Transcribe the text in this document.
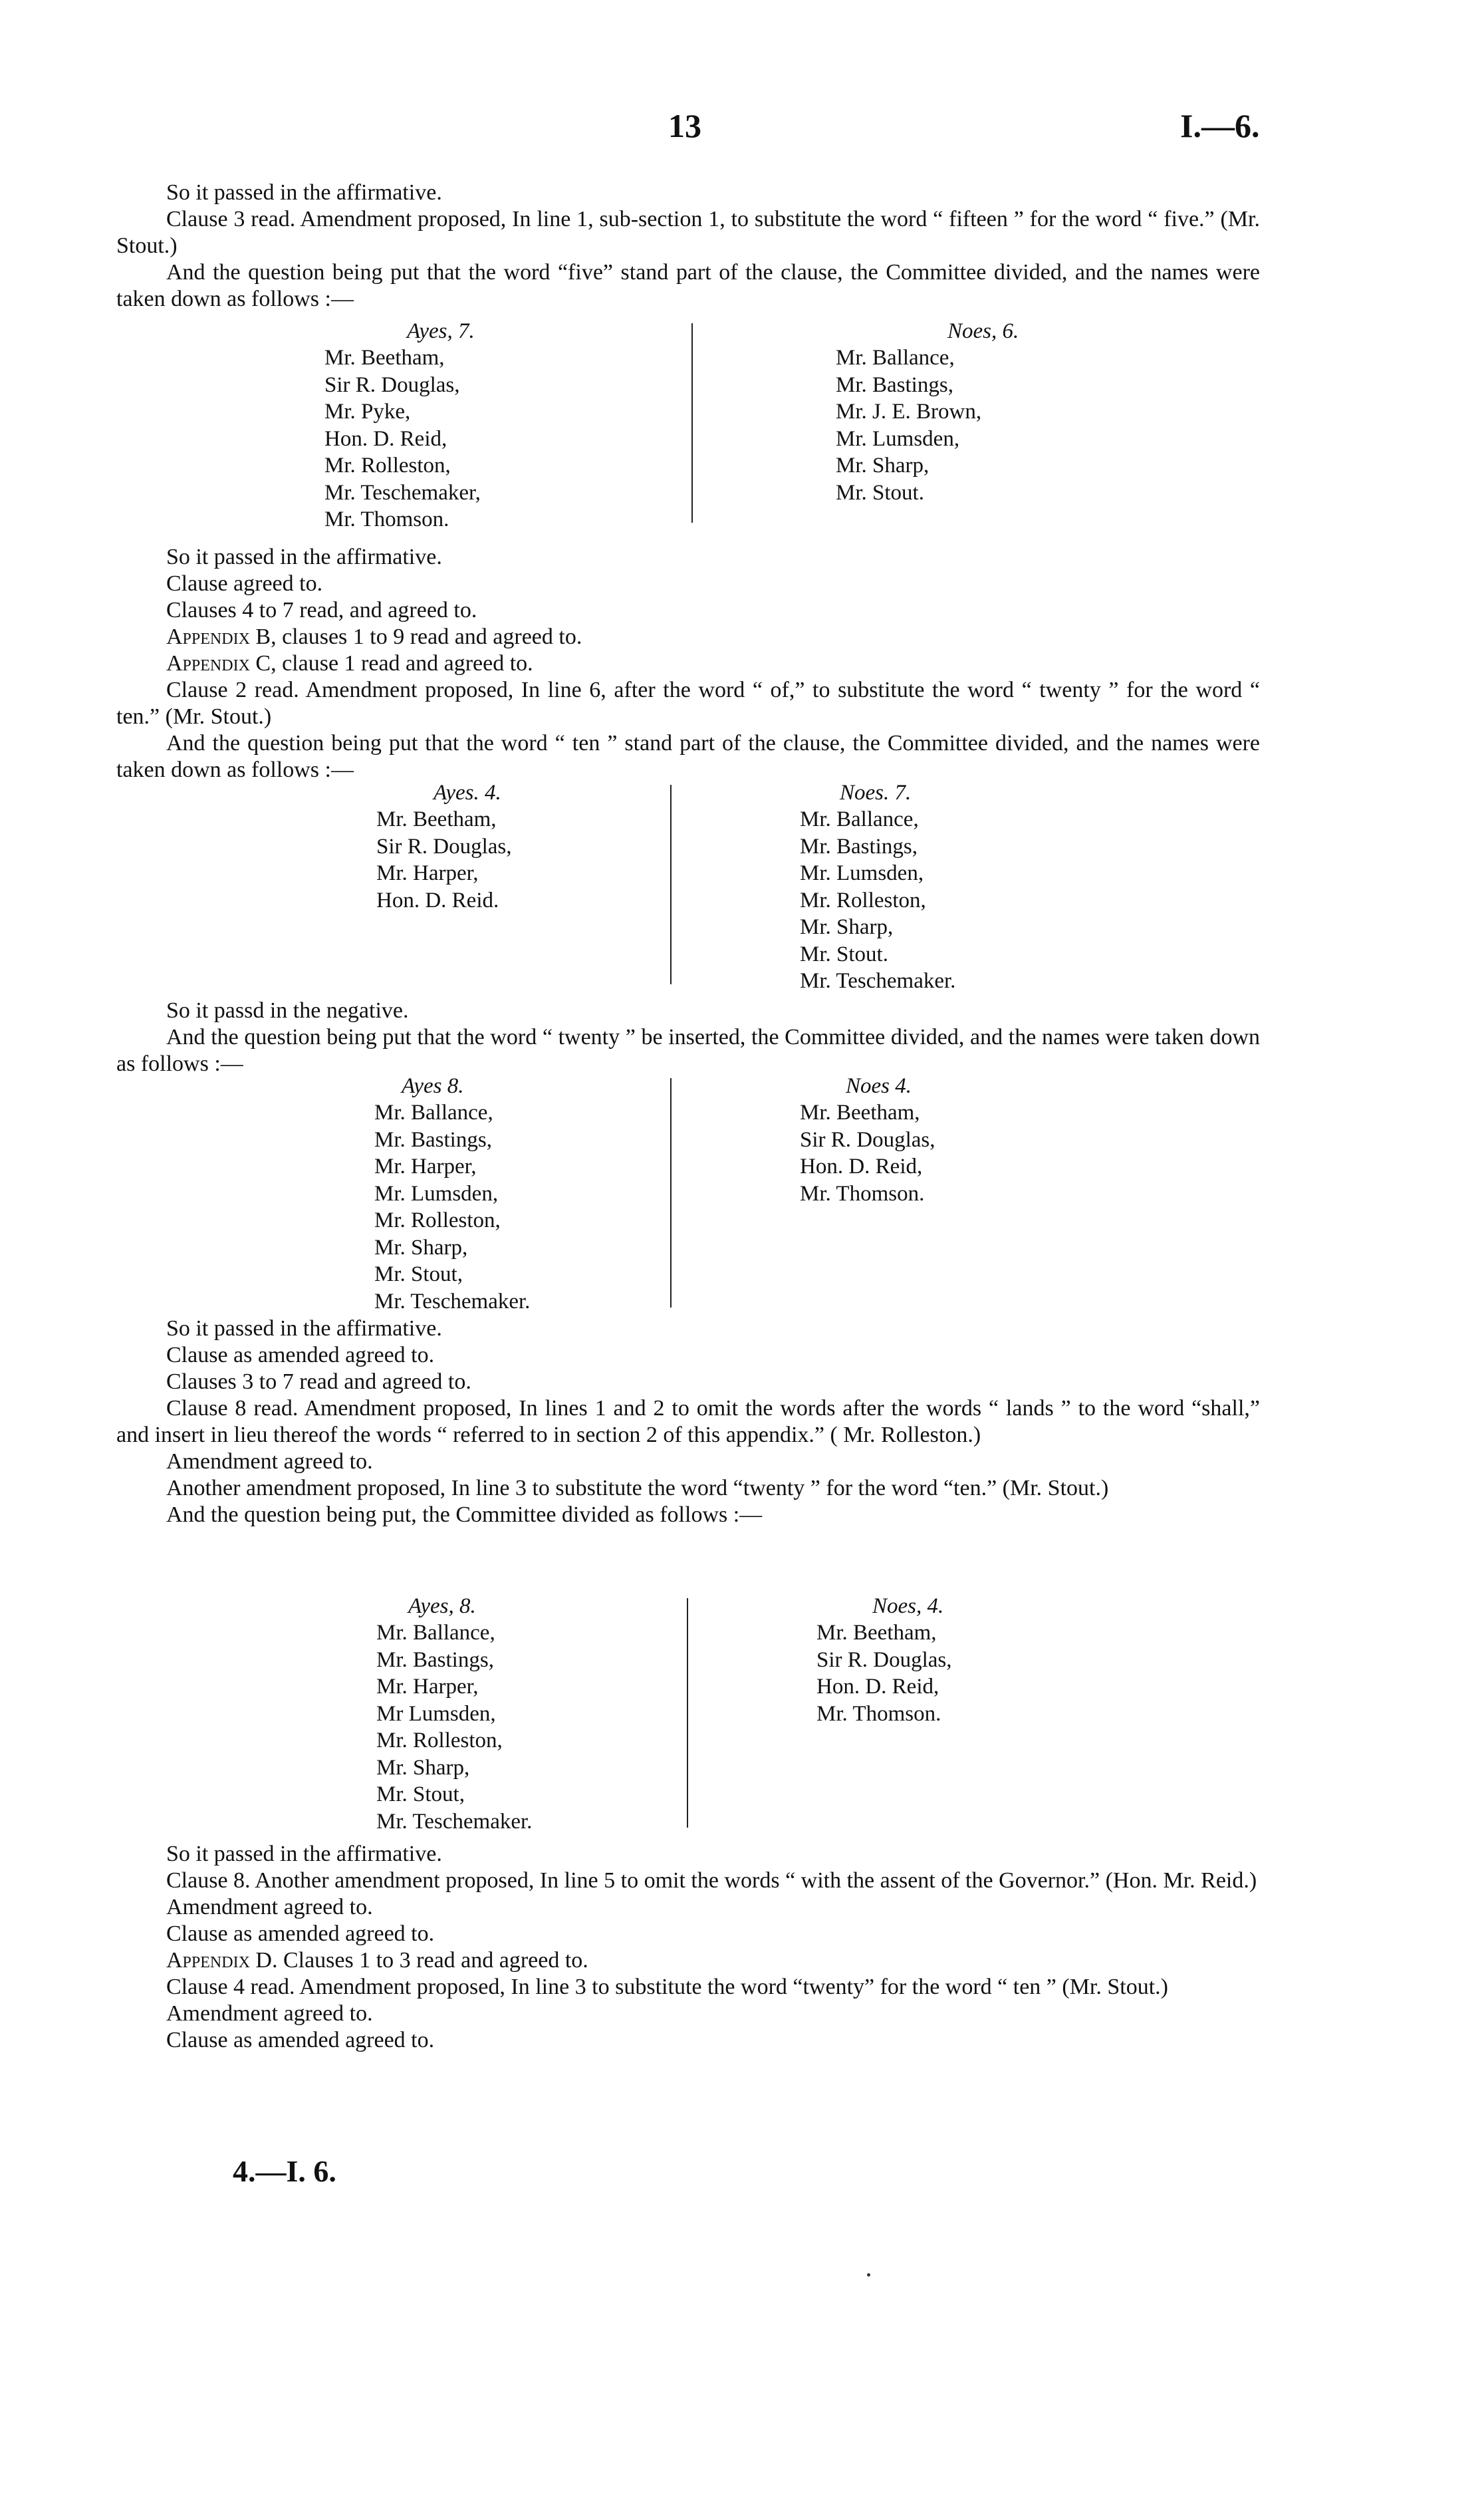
13	I.—6.

So it passed in the affirmative.

Clause 3 read. Amendment proposed, In line 1, sub-section 1, to substitute the word “ fifteen ” for the word “ five.” (Mr. Stout.)

And the question being put that the word “five” stand part of the clause, the Committee divided, and the names were taken down as follows :—

Ayes, 7.
Mr. Beetham,
Sir R. Douglas,
Mr. Pyke,
Hon. D. Reid,
Mr. Rolleston,
Mr. Teschemaker,
Mr. Thomson.
Noes, 6.
Mr. Ballance,
Mr. Bastings,
Mr. J. E. Brown,
Mr. Lumsden,
Mr. Sharp,
Mr. Stout.

So it passed in the affirmative.

Clause agreed to.

Clauses 4 to 7 read, and agreed to.

Appendix B, clauses 1 to 9 read and agreed to.

Appendix C, clause 1 read and agreed to.

Clause 2 read. Amendment proposed, In line 6, after the word “ of,” to substitute the word “ twenty ” for the word “ ten.” (Mr. Stout.)

And the question being put that the word “ ten ” stand part of the clause, the Committee divided, and the names were taken down as follows :—

Ayes. 4.
Mr. Beetham,
Sir R. Douglas,
Mr. Harper,
Hon. D. Reid.
Noes. 7.
Mr. Ballance,
Mr. Bastings,
Mr. Lumsden,
Mr. Rolleston,
Mr. Sharp,
Mr. Stout.
Mr. Teschemaker.

So it passd in the negative.

And the question being put that the word “ twenty ” be inserted, the Committee divided, and the names were taken down as follows :—

Ayes 8.
Mr. Ballance,
Mr. Bastings,
Mr. Harper,
Mr. Lumsden,
Mr. Rolleston,
Mr. Sharp,
Mr. Stout,
Mr. Teschemaker.
Noes 4.
Mr. Beetham,
Sir R. Douglas,
Hon. D. Reid,
Mr. Thomson.

So it passed in the affirmative.

Clause as amended agreed to.

Clauses 3 to 7 read and agreed to.

Clause 8 read. Amendment proposed, In lines 1 and 2 to omit the words after the words “ lands ” to the word “shall,” and insert in lieu thereof the words “ referred to in section 2 of this appendix.” ( Mr. Rolleston.)

Amendment agreed to.

Another amendment proposed, In line 3 to substitute the word “twenty ” for the word “ten.” (Mr. Stout.)

And the question being put, the Committee divided as follows :—

Ayes, 8.
Mr. Ballance,
Mr. Bastings,
Mr. Harper,
Mr Lumsden,
Mr. Rolleston,
Mr. Sharp,
Mr. Stout,
Mr. Teschemaker.
Noes, 4.
Mr. Beetham,
Sir R. Douglas,
Hon. D. Reid,
Mr. Thomson.

So it passed in the affirmative.

Clause 8. Another amendment proposed, In line 5 to omit the words “ with the assent of the Governor.” (Hon. Mr. Reid.)

Amendment agreed to.

Clause as amended agreed to.

Appendix D. Clauses 1 to 3 read and agreed to.

Clause 4 read. Amendment proposed, In line 3 to substitute the word “twenty” for the word “ ten ” (Mr. Stout.)

Amendment agreed to.

Clause as amended agreed to.

4.—I. 6.
